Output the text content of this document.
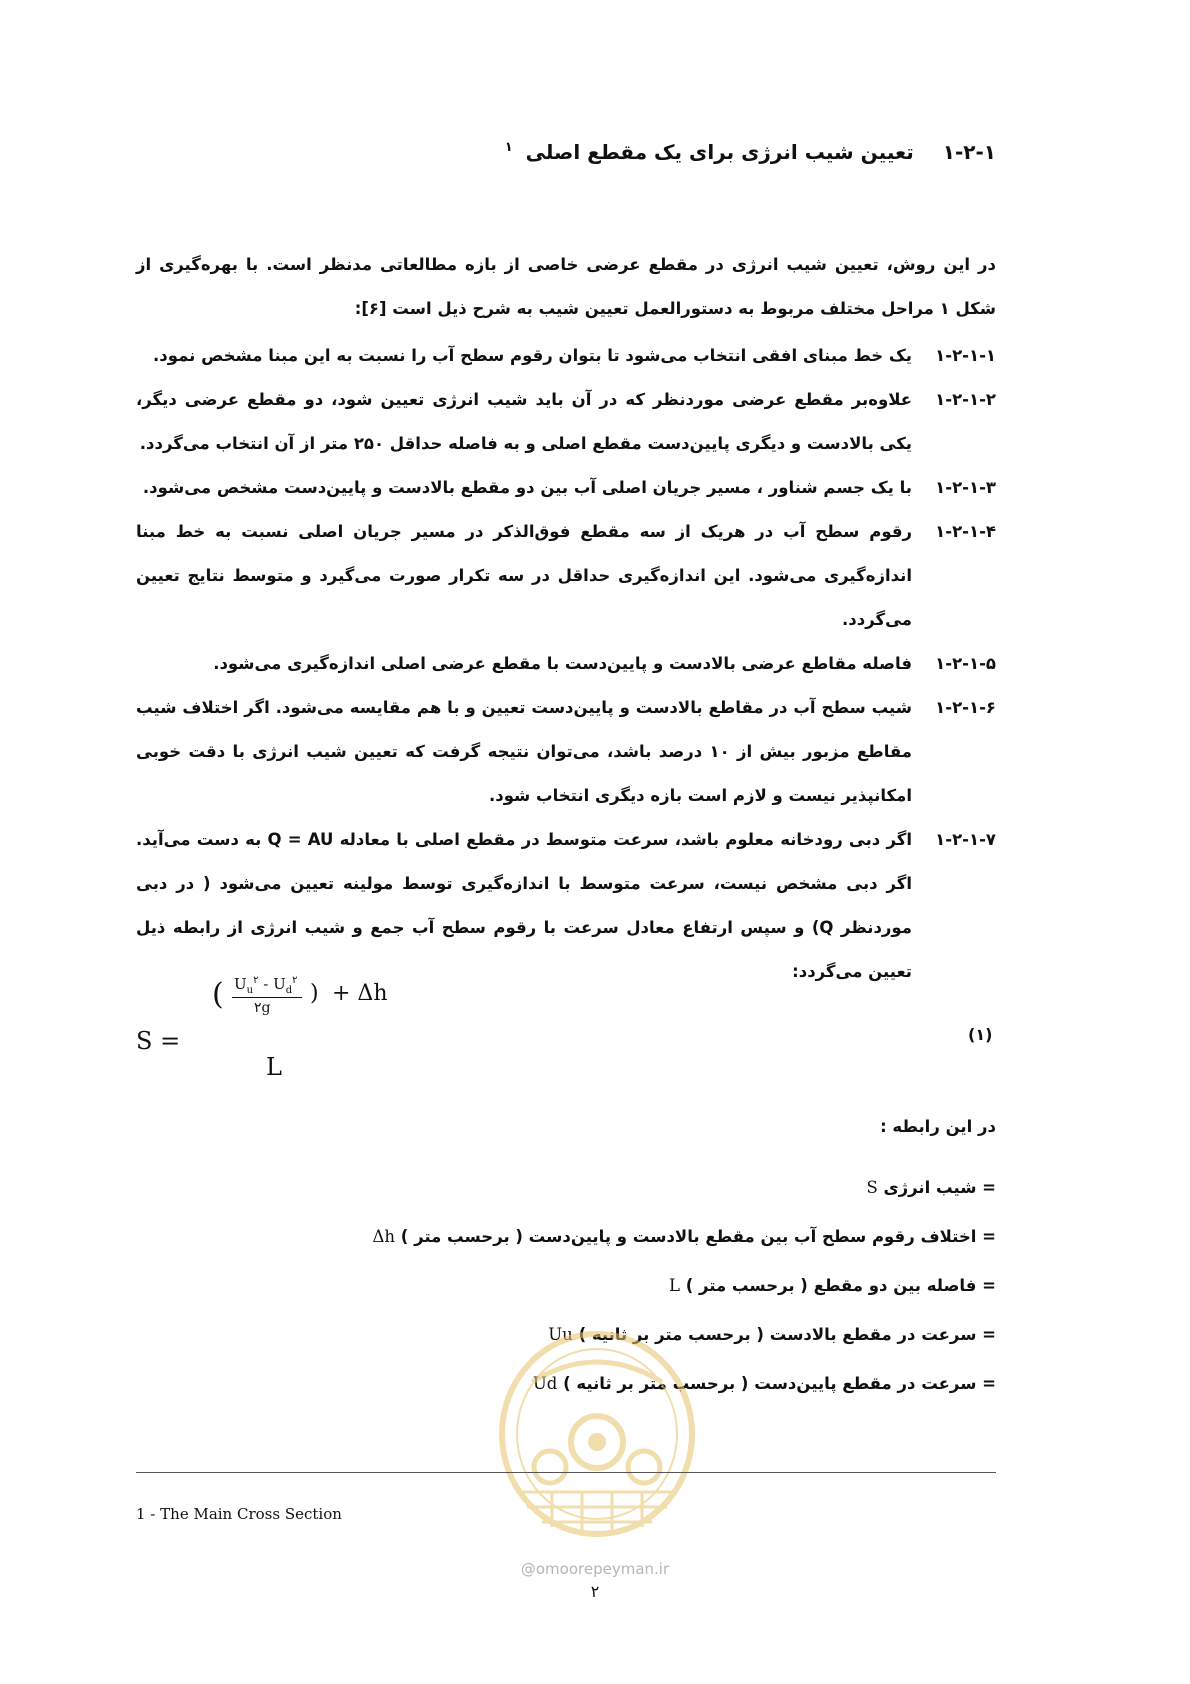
۱-۲-۱ تعیین شیب انرژی برای یک مقطع اصلی $^۱$
در این روش، تعیین شیب انرژی در مقطع عرضی خاصی از بازه مطالعاتی مدنظر است. با بهره‌گیری از شکل ۱ مراحل مختلف مربوط به دستورالعمل تعیین شیب به شرح ذیل است [۶]:
۱-۲-۱-۱
یک خط مبنای افقی انتخاب می‌شود تا بتوان رقوم سطح آب را نسبت به این مبنا مشخص نمود.
۱-۲-۱-۲
علاوه‌بر مقطع عرضی موردنظر که در آن باید شیب انرژی تعیین شود، دو مقطع عرضی دیگر، یکی بالادست و دیگری پایین‌دست مقطع اصلی و به فاصله حداقل ۲۵۰ متر از آن انتخاب می‌گردد.
۱-۲-۱-۳
با یک جسم شناور ، مسیر جریان اصلی آب بین دو مقطع بالادست و پایین‌دست مشخص می‌شود.
۱-۲-۱-۴
رقوم سطح آب در هریک از سه مقطع فوق‌الذکر در مسیر جریان اصلی نسبت به خط مبنا اندازه‌گیری می‌شود. این اندازه‌گیری حداقل در سه تکرار صورت می‌گیرد و متوسط نتایج تعیین می‌گردد.
۱-۲-۱-۵
فاصله مقاطع عرضی بالادست و پایین‌دست با مقطع عرضی اصلی اندازه‌گیری می‌شود.
۱-۲-۱-۶
شیب سطح آب در مقاطع بالادست و پایین‌دست تعیین و با هم مقایسه می‌شود. اگر اختلاف شیب مقاطع مزبور بیش از ۱۰ درصد باشد، می‌توان نتیجه گرفت که تعیین شیب انرژی با دقت خوبی امکانپذیر نیست و لازم است بازه دیگری انتخاب شود.
۱-۲-۱-۷
اگر دبی رودخانه معلوم باشد، سرعت متوسط در مقطع اصلی با معادله Q = AU به دست می‌آید. اگر دبی مشخص نیست، سرعت متوسط با اندازه‌گیری توسط مولینه تعیین می‌شود ( در دبی موردنظر Q) و سپس ارتفاع معادل سرعت با رقوم سطح آب جمع و شیب انرژی از رابطه ذیل تعیین می‌گردد:
S =
( $U_u^۲ - U_d^۲$
۲g
) + Δh
L
(۱)
در این رابطه :
= شیب انرژی S
= اختلاف رقوم سطح آب بین مقطع بالادست و پایین‌دست ( برحسب متر ) Δh
= فاصله بین دو مقطع ( برحسب متر ) L
= سرعت در مقطع بالادست ( برحسب متر بر ثانیه ) Uu
= سرعت در مقطع پایین‌دست ( برحسب متر بر ثانیه ) Ud
1 - The Main Cross Section
@omoorepeyman.ir
۲
